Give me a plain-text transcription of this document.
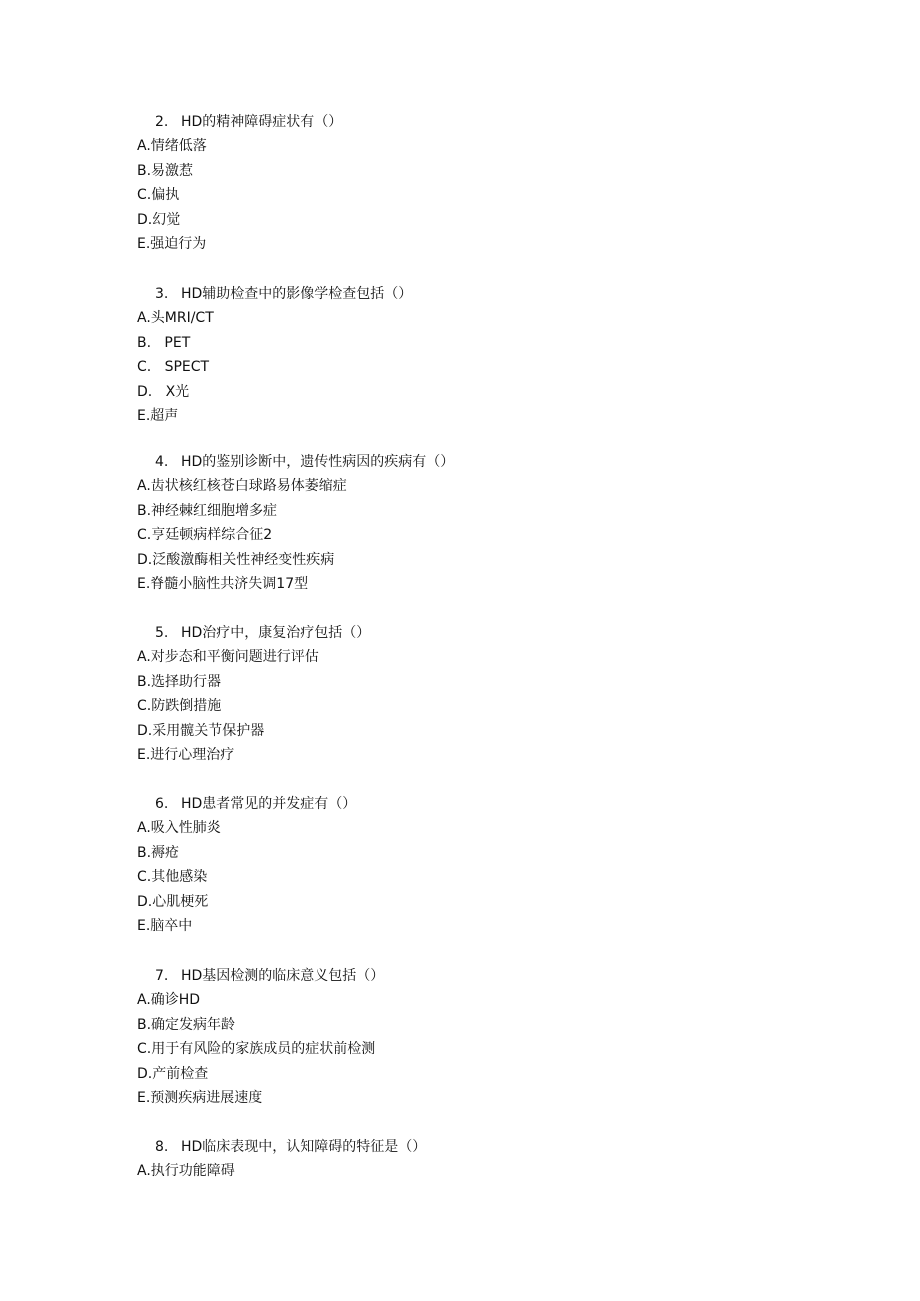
2. HD的精神障碍症状有（）
A.情绪低落
B.易激惹
C.偏执
D.幻觉
E.强迫行为
3. HD辅助检查中的影像学检查包括（）
A.头MRI/CT
B.   PET
C.   SPECT
D.   X光
E.超声
4. HD的鉴别诊断中，遗传性病因的疾病有（）
A.齿状核红核苍白球路易体萎缩症
B.神经棘红细胞增多症
C.亨廷顿病样综合征2
D.泛酸激酶相关性神经变性疾病
E.脊髓小脑性共济失调17型
5. HD治疗中，康复治疗包括（）
A.对步态和平衡问题进行评估
B.选择助行器
C.防跌倒措施
D.采用髋关节保护器
E.进行心理治疗
6. HD患者常见的并发症有（）
A.吸入性肺炎
B.褥疮
C.其他感染
D.心肌梗死
E.脑卒中
7. HD基因检测的临床意义包括（）
A.确诊HD
B.确定发病年龄
C.用于有风险的家族成员的症状前检测
D.产前检查
E.预测疾病进展速度
8. HD临床表现中，认知障碍的特征是（）
A.执行功能障碍
